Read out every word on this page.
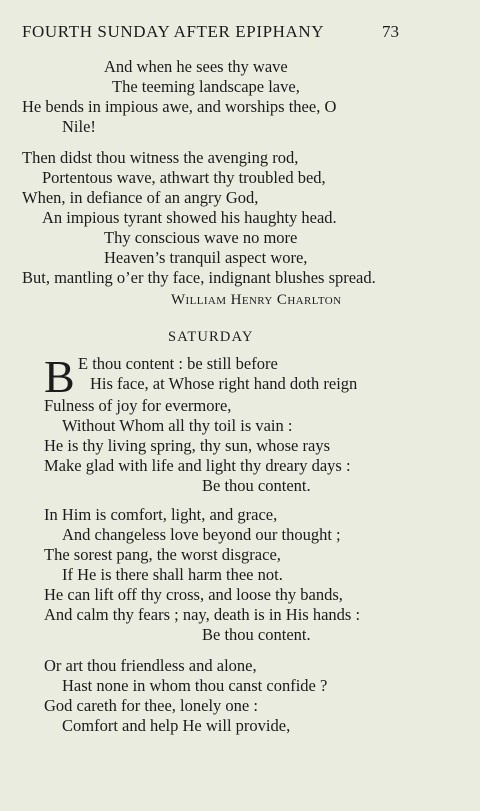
FOURTH SUNDAY AFTER EPIPHANY	73
And when he sees thy wave
The teeming landscape lave,
He bends in impious awe, and worships thee, O
Nile!
Then didst thou witness the avenging rod,
Portentous wave, athwart thy troubled bed,
When, in defiance of an angry God,
An impious tyrant showed his haughty head.
Thy conscious wave no more
Heaven’s tranquil aspect wore,
But, mantling o’er thy face, indignant blushes spread.
William Henry Charlton
SATURDAY
B E thou content : be still before
His face, at Whose right hand doth reign
Fulness of joy for evermore,
Without Whom all thy toil is vain :
He is thy living spring, thy sun, whose rays
Make glad with life and light thy dreary days :
Be thou content.
In Him is comfort, light, and grace,
And changeless love beyond our thought ;
The sorest pang, the worst disgrace,
If He is there shall harm thee not.
He can lift off thy cross, and loose thy bands,
And calm thy fears ; nay, death is in His hands :
Be thou content.
Or art thou friendless and alone,
Hast none in whom thou canst confide ?
God careth for thee, lonely one :
Comfort and help He will provide,
